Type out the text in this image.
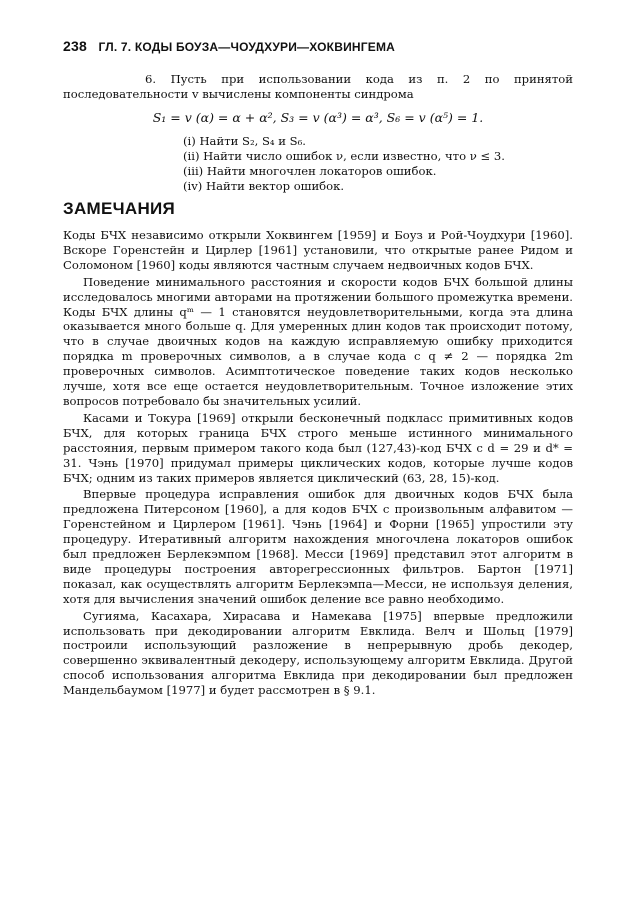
238 ГЛ. 7. КОДЫ БОУЗА—ЧОУДХУРИ—ХОКВИНГЕМА

6. Пусть при использовании кода из п. 2 по принятой последовательности v вычислены компоненты синдрома

S₁ = v (α) = α + α², S₃ = v (α³) = α³, S₆ = v (α⁵) = 1.
(i) Найти S₂, S₄ и S₆.
(ii) Найти число ошибок ν, если известно, что ν ≤ 3.
(iii) Найти многочлен локаторов ошибок.
(iv) Найти вектор ошибок.
ЗАМЕЧАНИЯ

Коды БЧХ независимо открыли Хоквингем [1959] и Боуз и Рой-Чоудхури [1960]. Вскоре Горенстейн и Цирлер [1961] установили, что открытые ранее Ридом и Соломоном [1960] коды являются частным случаем недвоичных кодов БЧХ.

Поведение минимального расстояния и скорости кодов БЧХ большой длины исследовалось многими авторами на протяжении большого промежутка времени. Коды БЧХ длины qᵐ — 1 становятся неудовлетворительными, когда эта длина оказывается много больше q. Для умеренных длин кодов так происходит потому, что в случае двоичных кодов на каждую исправляемую ошибку приходится порядка m проверочных символов, а в случае кода с q ≠ 2 — порядка 2m проверочных символов. Асимптотическое поведение таких кодов несколько лучше, хотя все еще остается неудовлетворительным. Точное изложение этих вопросов потребовало бы значительных усилий.

Касами и Токура [1969] открыли бесконечный подкласс примитивных кодов БЧХ, для которых граница БЧХ строго меньше истинного минимального расстояния, первым примером такого кода был (127,43)-код БЧХ с d = 29 и d* = 31. Чэнь [1970] придумал примеры циклических кодов, которые лучше кодов БЧХ; одним из таких примеров является циклический (63, 28, 15)-код.

Впервые процедура исправления ошибок для двоичных кодов БЧХ была предложена Питерсоном [1960], а для кодов БЧХ с произвольным алфавитом — Горенстейном и Цирлером [1961]. Чэнь [1964] и Форни [1965] упростили эту процедуру. Итеративный алгоритм нахождения многочлена локаторов ошибок был предложен Берлекэмпом [1968]. Месси [1969] представил этот алгоритм в виде процедуры построения авторегрессионных фильтров. Бартон [1971] показал, как осуществлять алгоритм Берлекэмпа—Месси, не используя деления, хотя для вычисления значений ошибок деление все равно необходимо.

Сугияма, Касахара, Хирасава и Намекава [1975] впервые предложили использовать при декодировании алгоритм Евклида. Велч и Шольц [1979] построили использующий разложение в непрерывную дробь декодер, совершенно эквивалентный декодеру, использующему алгоритм Евклида. Другой способ использования алгоритма Евклида при декодировании был предложен Мандельбаумом [1977] и будет рассмотрен в § 9.1.
